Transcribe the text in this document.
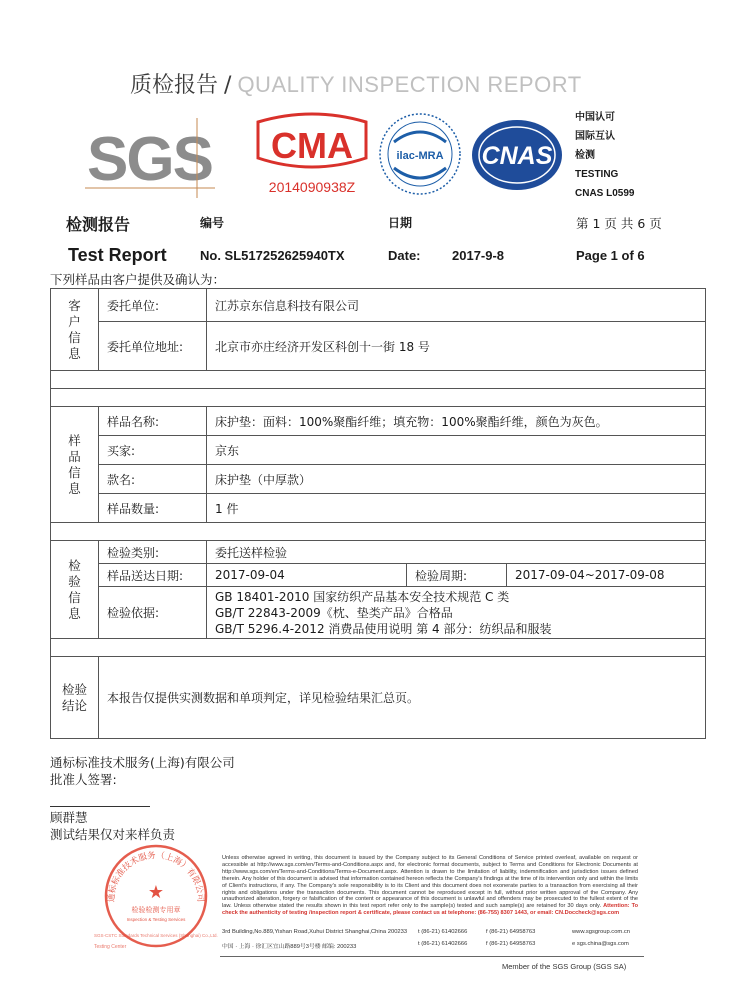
质检报告 / QUALITY INSPECTION REPORT
SGS CMA
2014090938Z
ilac-MRA CNAS
中国认可
国际互认
检测
TESTING
CNAS L0599
检测报告	编号	日期	第 1 页 共 6 页
Test Report	No. SL517252625940TX	Date: 2017-9-8	Page 1 of 6
下列样品由客户提供及确认为：
客户信息	委托单位:	江苏京东信息科技有限公司		
	委托单位地址:	北京市亦庄经济开发区科创十一街 18 号		

样品信息	样品名称:	床护垫：面料：100%聚酯纤维；填充物：100%聚酯纤维，颜色为灰色。		
	买家:	京东		
	款名:	床护垫（中厚款）		
	样品数量:	1 件		

检验信息	检验类别:	委托送样检验		
	样品送达日期:	2017-09-04	检验周期:	2017-09-04~2017-09-08
	检验依据:	GB 18401-2010 国家纺织产品基本安全技术规范 C 类
GB/T 22843-2009《枕、垫类产品》合格品
GB/T 5296.4-2012 消费品使用说明 第 4 部分：纺织品和服装		

检验结论	本报告仅提供实测数据和单项判定，详见检验结果汇总页。			
通标标准技术服务(上海)有限公司
批准人签署:
顾群慧
测试结果仅对来样负责
通标标准技术服务（上海）有限公司
★
检验检测专用章
Inspection & Testing Services
SGS-CSTC Standards Technical Services (Shanghai) Co.,Ltd.
Testing Center
Unless otherwise agreed in writing, this document is issued by the Company subject to its General Conditions of Service printed overleaf, available on request or accessible at http://www.sgs.com/en/Terms-and-Conditions.aspx and, for electronic format documents, subject to Terms and Conditions for Electronic Documents at http://www.sgs.com/en/Terms-and-Conditions/Terms-e-Document.aspx. Attention is drawn to the limitation of liability, indemnification and jurisdiction issues defined therein. Any holder of this document is advised that information contained hereon reflects the Company's findings at the time of its intervention only and within the limits of Client's instructions, if any. The Company's sole responsibility is to its Client and this document does not exonerate parties to a transaction from exercising all their rights and obligations under the transaction documents. This document cannot be reproduced except in full, without prior written approval of the Company. Any unauthorized alteration, forgery or falsification of the content or appearance of this document is unlawful and offenders may be prosecuted to the fullest extent of the law. Unless otherwise stated the results shown in this test report refer only to the sample(s) tested and such sample(s) are retained for 30 days only. Attention: To check the authenticity of testing /inspection report & certificate, please contact us at telephone: (86-755) 8307 1443, or email: CN.Doccheck@sgs.com
3rd Building,No.889,Yishan Road,Xuhui District Shanghai,China 200233 t (86-21) 61402666	f (86-21) 64958763	www.sgsgroup.com.cn
中国 · 上海 · 徐汇区宜山路889号3号楼 邮编: 200233	t (86-21) 61402666	f (86-21) 64958763	e sgs.china@sgs.com
Member of the SGS Group (SGS SA)
